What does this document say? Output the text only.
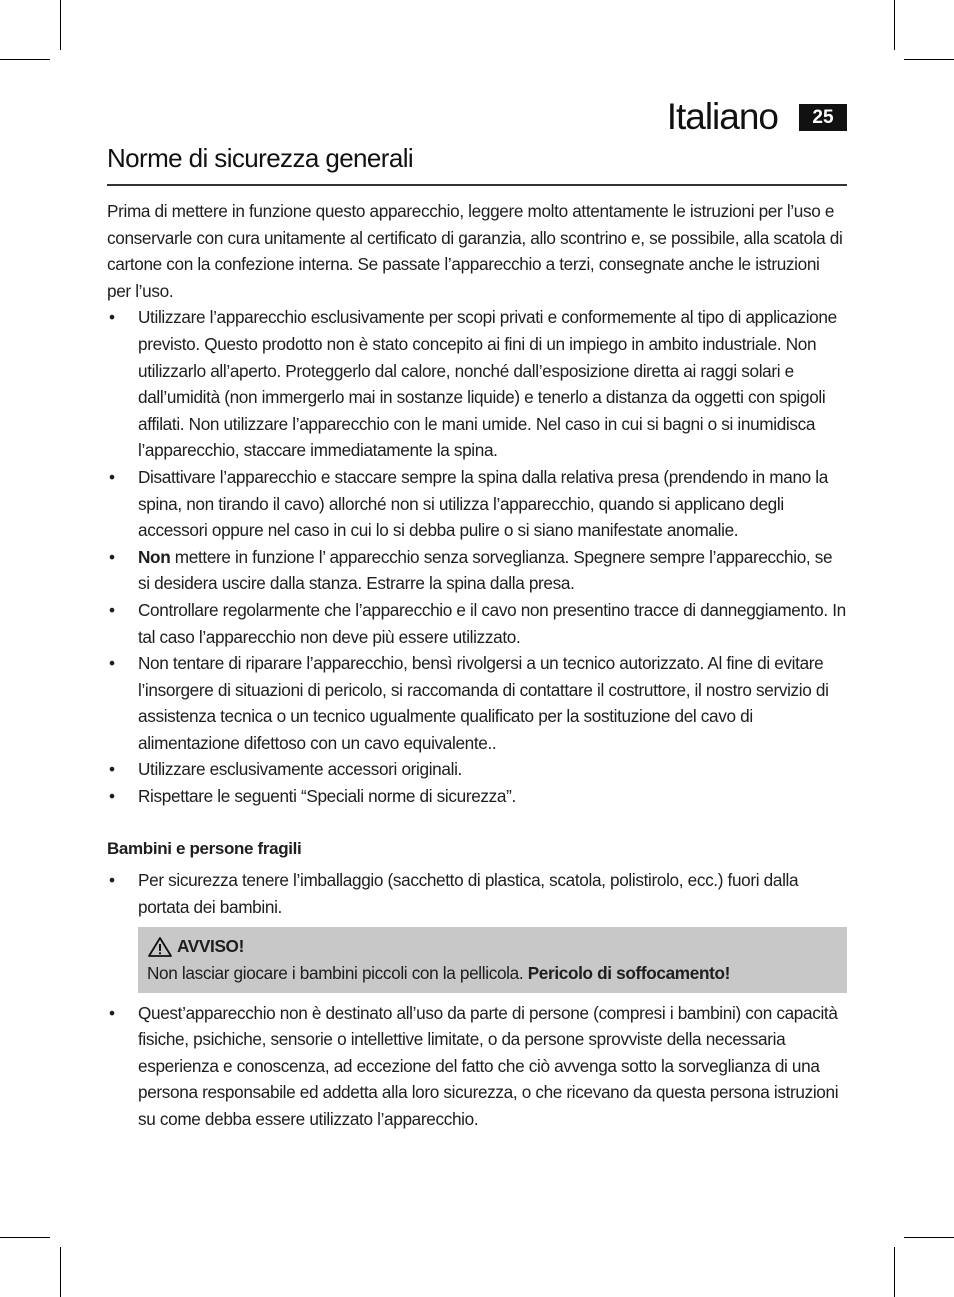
Italiano	25
Norme di sicurezza generali

Prima di mettere in funzione questo apparecchio, leggere molto attentamente le istruzioni per l’uso e conservarle con cura unitamente al certificato di garanzia, allo scontrino e, se possibile, alla scatola di cartone con la confezione interna. Se passate l’apparecchio a terzi, consegnate anche le istruzioni per l’uso.

• Utilizzare l’apparecchio esclusivamente per scopi privati e conformemente al tipo di applicazione previsto. Questo prodotto non è stato concepito ai fini di un impiego in ambito industriale. Non utilizzarlo all’aperto. Proteggerlo dal calore, nonché dall’esposizione diretta ai raggi solari e dall’umidità (non immergerlo mai in sostanze liquide) e tenerlo a distanza da oggetti con spigoli affilati. Non utilizzare l’apparecchio con le mani umide. Nel caso in cui si bagni o si inumidisca l’apparecchio, staccare immediatamente la spina.
• Disattivare l’apparecchio e staccare sempre la spina dalla relativa presa (prendendo in mano la spina, non tirando il cavo) allorché non si utilizza l’apparecchio, quando si applicano degli accessori oppure nel caso in cui lo si debba pulire o si siano manifestate anomalie.
• Non mettere in funzione l’ apparecchio senza sorveglianza. Spegnere sempre l’apparecchio, se si desidera uscire dalla stanza. Estrarre la spina dalla presa.
• Controllare regolarmente che l’apparecchio e il cavo non presentino tracce di danneggiamento. In tal caso l’apparecchio non deve più essere utilizzato.
• Non tentare di riparare l’apparecchio, bensì rivolgersi a un tecnico autorizzato. Al fine di evitare l’insorgere di situazioni di pericolo, si raccomanda di contattare il costruttore, il nostro servizio di assistenza tecnica o un tecnico ugualmente qualificato per la sostituzione del cavo di alimentazione difettoso con un cavo equivalente..
• Utilizzare esclusivamente accessori originali.
• Rispettare le seguenti “Speciali norme di sicurezza”.
Bambini e persone fragili
• Per sicurezza tenere l’imballaggio (sacchetto di plastica, scatola, polistirolo, ecc.) fuori dalla portata dei bambini.
AVVISO!
Non lasciar giocare i bambini piccoli con la pellicola. Pericolo di soffocamento!
• Quest’apparecchio non è destinato all’uso da parte di persone (compresi i bambini) con capacità fisiche, psichiche, sensorie o intellettive limitate, o da persone sprovviste della necessaria esperienza e conoscenza, ad eccezione del fatto che ciò avvenga sotto la sorveglianza di una persona responsabile ed addetta alla loro sicurezza, o che ricevano da questa persona istruzioni su come debba essere utilizzato l’apparecchio.
